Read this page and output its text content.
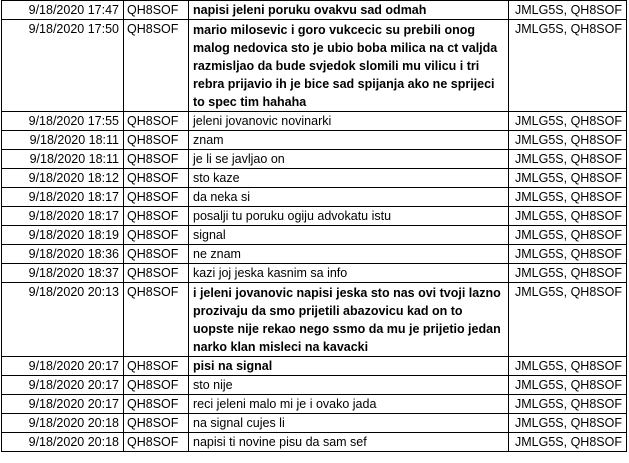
9/18/2020 17:47	QH8SOF	napisi jeleni poruku ovakvu sad odmah	JMLG5S, QH8SOF
9/18/2020 17:50	QH8SOF	mario milosevic i goro vukcecic su prebili onog malog nedovica sto je ubio boba milica na ct valjda razmisljao da bude svjedok slomili mu vilicu i tri rebra prijavio ih je bice sad spijanja ako ne sprijeci to spec tim hahaha	JMLG5S, QH8SOF
9/18/2020 17:55	QH8SOF	jeleni jovanovic novinarki	JMLG5S, QH8SOF
9/18/2020 18:11	QH8SOF	znam	JMLG5S, QH8SOF
9/18/2020 18:11	QH8SOF	je li se javljao on	JMLG5S, QH8SOF
9/18/2020 18:12	QH8SOF	sto kaze	JMLG5S, QH8SOF
9/18/2020 18:17	QH8SOF	da neka si	JMLG5S, QH8SOF
9/18/2020 18:17	QH8SOF	posalji tu poruku ogiju advokatu istu	JMLG5S, QH8SOF
9/18/2020 18:19	QH8SOF	signal	JMLG5S, QH8SOF
9/18/2020 18:36	QH8SOF	ne znam	JMLG5S, QH8SOF
9/18/2020 18:37	QH8SOF	kazi joj jeska kasnim sa info	JMLG5S, QH8SOF
9/18/2020 20:13	QH8SOF	i jeleni jovanovic napisi jeska sto nas ovi tvoji lazno prozivaju da smo prijetili abazovicu kad on to uopste nije rekao nego ssmo da mu je prijetio jedan narko klan misleci na kavacki	JMLG5S, QH8SOF
9/18/2020 20:17	QH8SOF	pisi na signal	JMLG5S, QH8SOF
9/18/2020 20:17	QH8SOF	sto nije	JMLG5S, QH8SOF
9/18/2020 20:17	QH8SOF	reci jeleni malo mi je i ovako jada	JMLG5S, QH8SOF
9/18/2020 20:18	QH8SOF	na signal cujes li	JMLG5S, QH8SOF
9/18/2020 20:18	QH8SOF	napisi ti novine pisu da sam sef	JMLG5S, QH8SOF
